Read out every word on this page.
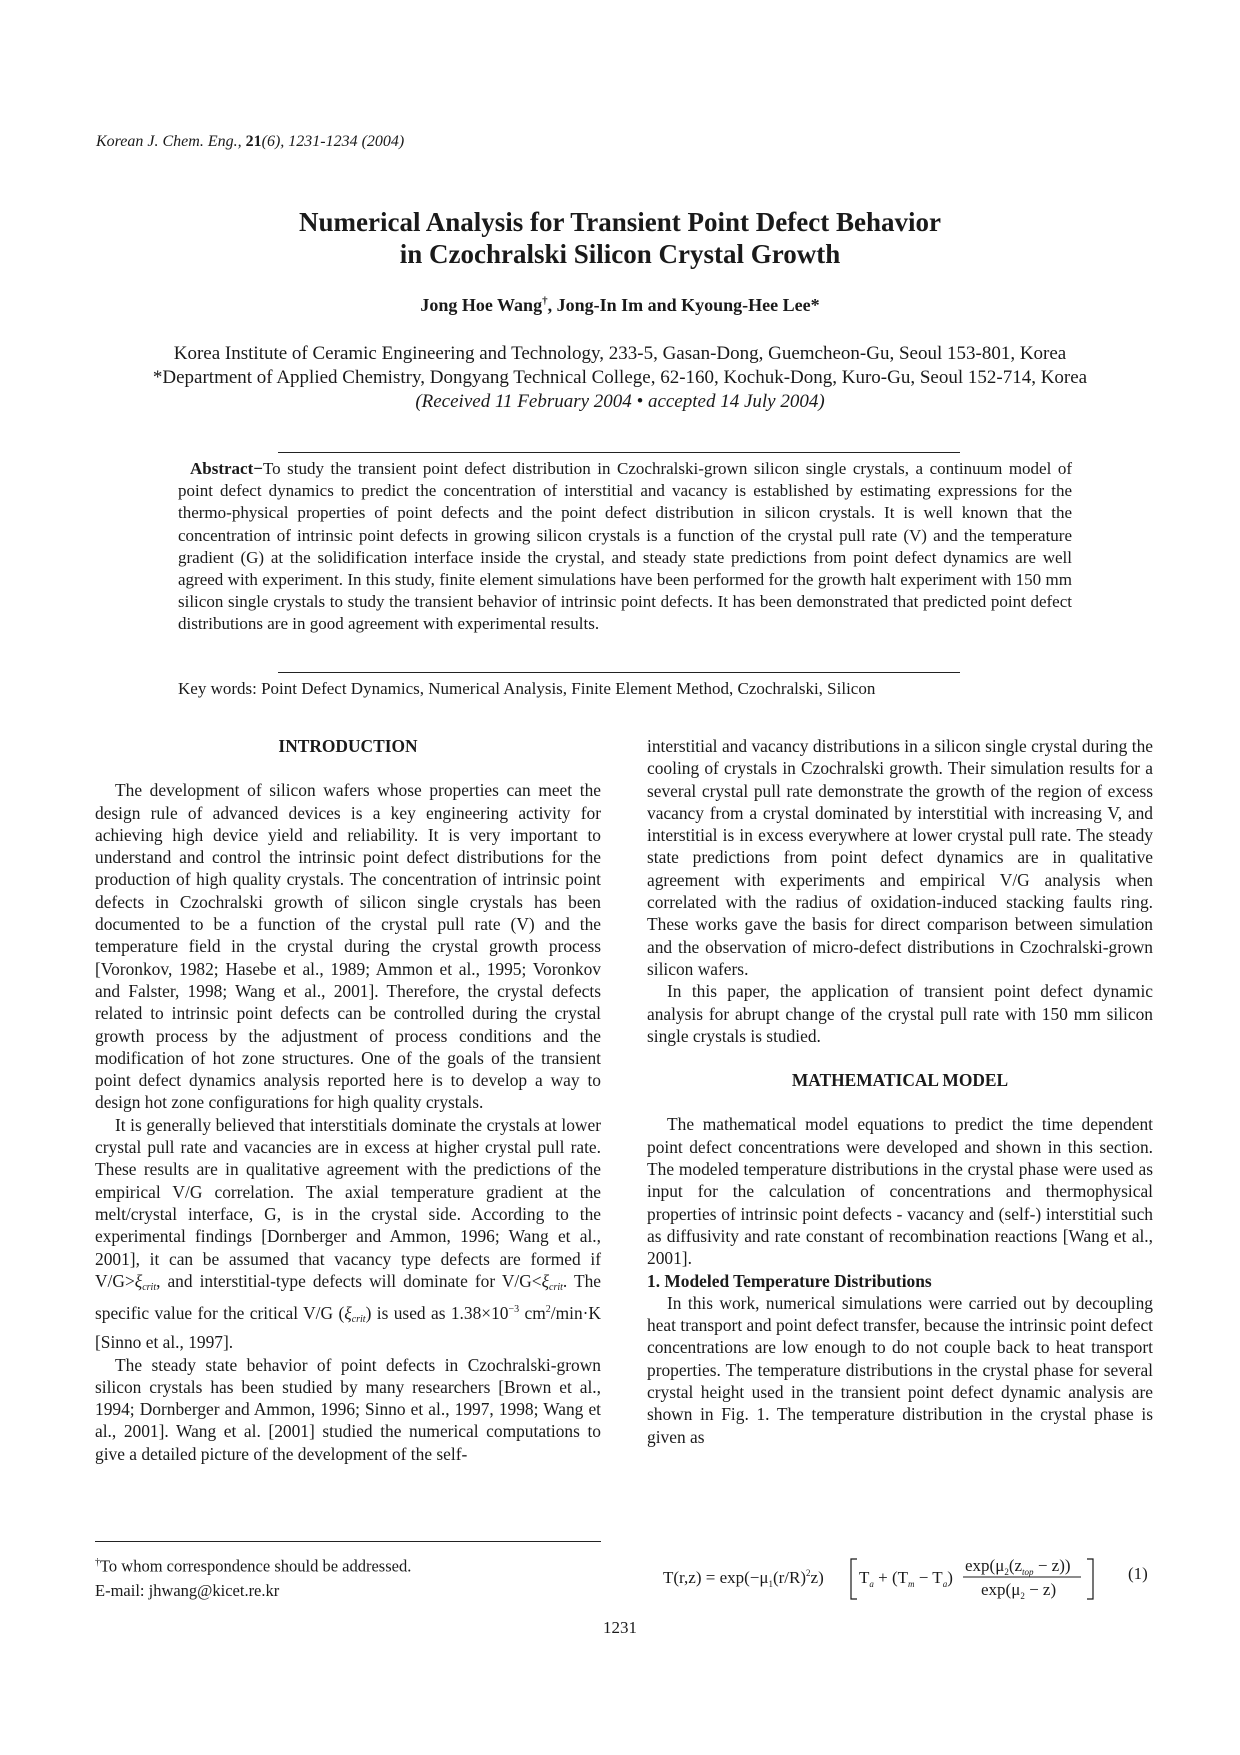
Korean J. Chem. Eng., 21(6), 1231-1234 (2004)
Numerical Analysis for Transient Point Defect Behavior
in Czochralski Silicon Crystal Growth
Jong Hoe Wang†, Jong-In Im and Kyoung-Hee Lee*
Korea Institute of Ceramic Engineering and Technology, 233-5, Gasan-Dong, Guemcheon-Gu, Seoul 153-801, Korea
*Department of Applied Chemistry, Dongyang Technical College, 62-160, Kochuk-Dong, Kuro-Gu, Seoul 152-714, Korea
(Received 11 February 2004 • accepted 14 July 2004)
Abstract−To study the transient point defect distribution in Czochralski-grown silicon single crystals, a continuum model of point defect dynamics to predict the concentration of interstitial and vacancy is established by estimating expressions for the thermo-physical properties of point defects and the point defect distribution in silicon crystals. It is well known that the concentration of intrinsic point defects in growing silicon crystals is a function of the crystal pull rate (V) and the temperature gradient (G) at the solidification interface inside the crystal, and steady state predictions from point defect dynamics are well agreed with experiment. In this study, finite element simulations have been performed for the growth halt experiment with 150 mm silicon single crystals to study the transient behavior of intrinsic point defects. It has been demonstrated that predicted point defect distributions are in good agreement with experimental results.
Key words: Point Defect Dynamics, Numerical Analysis, Finite Element Method, Czochralski, Silicon

INTRODUCTION

The development of silicon wafers whose properties can meet the design rule of advanced devices is a key engineering activity for achieving high device yield and reliability. It is very important to understand and control the intrinsic point defect distributions for the production of high quality crystals. The concentration of intrinsic point defects in Czochralski growth of silicon single crystals has been documented to be a function of the crystal pull rate (V) and the temperature field in the crystal during the crystal growth process [Voronkov, 1982; Hasebe et al., 1989; Ammon et al., 1995; Voronkov and Falster, 1998; Wang et al., 2001]. Therefore, the crystal defects related to intrinsic point defects can be controlled during the crystal growth process by the adjustment of process conditions and the modification of hot zone structures. One of the goals of the transient point defect dynamics analysis reported here is to develop a way to design hot zone configurations for high quality crystals.

It is generally believed that interstitials dominate the crystals at lower crystal pull rate and vacancies are in excess at higher crystal pull rate. These results are in qualitative agreement with the predictions of the empirical V/G correlation. The axial temperature gradient at the melt/crystal interface, G, is in the crystal side. According to the experimental findings [Dornberger and Ammon, 1996; Wang et al., 2001], it can be assumed that vacancy type defects are formed if $V/G>\xi_{crit}$, and interstitial-type defects will dominate for $V/G<\xi_{crit}$. The specific value for the critical V/G $(\xi_{crit})$ is used as $1.38\times 10^{-3}$ $cm^2/\min\cdot K$ [Sinno et al., 1997].

The steady state behavior of point defects in Czochralski-grown silicon crystals has been studied by many researchers [Brown et al., 1994; Dornberger and Ammon, 1996; Sinno et al., 1997, 1998; Wang et al., 2001]. Wang et al. [2001] studied the numerical computations to give a detailed picture of the development of the self-

interstitial and vacancy distributions in a silicon single crystal during the cooling of crystals in Czochralski growth. Their simulation results for a several crystal pull rate demonstrate the growth of the region of excess vacancy from a crystal dominated by interstitial with increasing V, and interstitial is in excess everywhere at lower crystal pull rate. The steady state predictions from point defect dynamics are in qualitative agreement with experiments and empirical V/G analysis when correlated with the radius of oxidation-induced stacking faults ring. These works gave the basis for direct comparison between simulation and the observation of micro-defect distributions in Czochralski-grown silicon wafers.

In this paper, the application of transient point defect dynamic analysis for abrupt change of the crystal pull rate with 150 mm silicon single crystals is studied.

MATHEMATICAL MODEL

The mathematical model equations to predict the time dependent point defect concentrations were developed and shown in this section. The modeled temperature distributions in the crystal phase were used as input for the calculation of concentrations and thermophysical properties of intrinsic point defects - vacancy and (self-) interstitial such as diffusivity and rate constant of recombination reactions [Wang et al., 2001].

1. Modeled Temperature Distributions

In this work, numerical simulations were carried out by decoupling heat transport and point defect transfer, because the intrinsic point defect concentrations are low enough to do not couple back to heat transport properties. The temperature distributions in the crystal phase for several crystal height used in the transient point defect dynamic analysis are shown in Fig. 1. The temperature distribution in the crystal phase is given as

†To whom correspondence should be addressed.
E-mail: jhwang@kicet.re.kr
$T(r,z) = \exp(-\mu_1(r/R)^2z) T_a + (T_m - T_a)$
$\exp(\mu_2(z_{top} - z))$
$\exp(\mu_2 - z)$
(1)
1231
